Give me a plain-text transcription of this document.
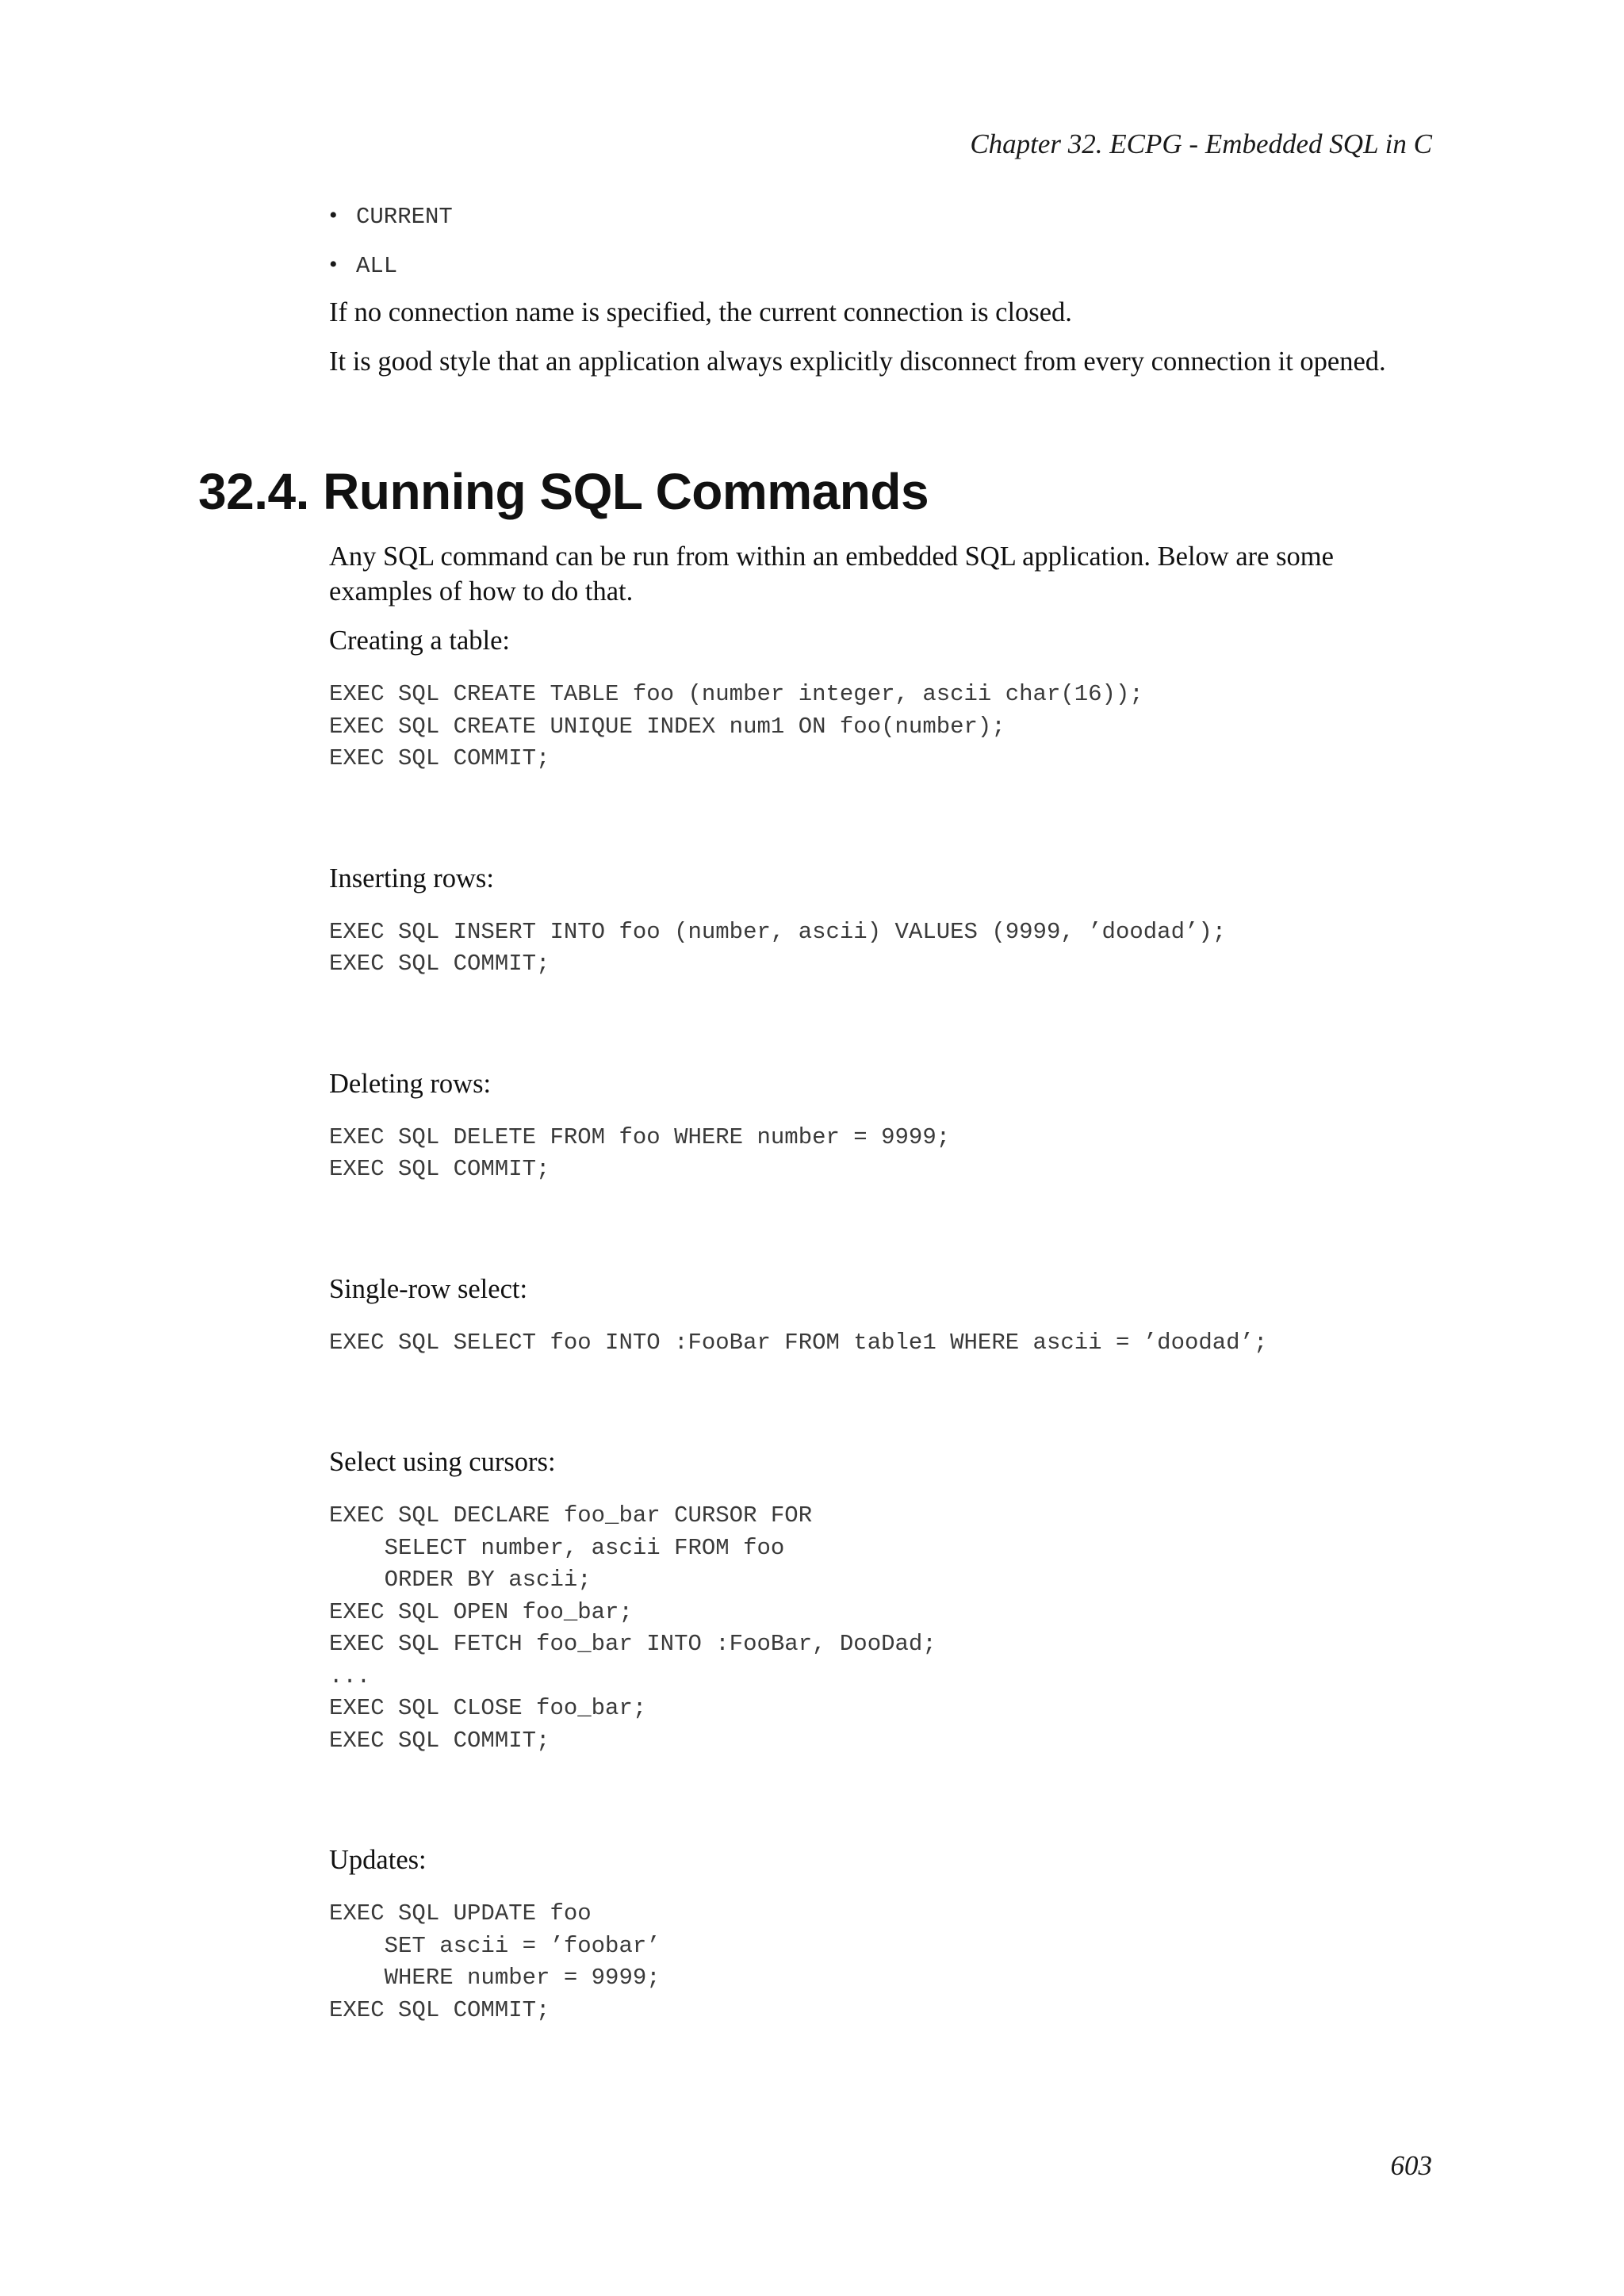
Chapter 32. ECPG - Embedded SQL in C
• CURRENT
• ALL

If no connection name is specified, the current connection is closed.

It is good style that an application always explicitly disconnect from every connection it opened.

32.4. Running SQL Commands

Any SQL command can be run from within an embedded SQL application. Below are some examples of how to do that.

Creating a table:

EXEC SQL CREATE TABLE foo (number integer, ascii char(16));
EXEC SQL CREATE UNIQUE INDEX num1 ON foo(number);
EXEC SQL COMMIT;

Inserting rows:

EXEC SQL INSERT INTO foo (number, ascii) VALUES (9999, ’doodad’);
EXEC SQL COMMIT;

Deleting rows:

EXEC SQL DELETE FROM foo WHERE number = 9999;
EXEC SQL COMMIT;

Single-row select:

EXEC SQL SELECT foo INTO :FooBar FROM table1 WHERE ascii = ’doodad’;

Select using cursors:

EXEC SQL DECLARE foo_bar CURSOR FOR
SELECT number, ascii FROM foo
ORDER BY ascii;
EXEC SQL OPEN foo_bar;
EXEC SQL FETCH foo_bar INTO :FooBar, DooDad;
...
EXEC SQL CLOSE foo_bar;
EXEC SQL COMMIT;

Updates:

EXEC SQL UPDATE foo
SET ascii = ’foobar’
WHERE number = 9999;
EXEC SQL COMMIT;
603
